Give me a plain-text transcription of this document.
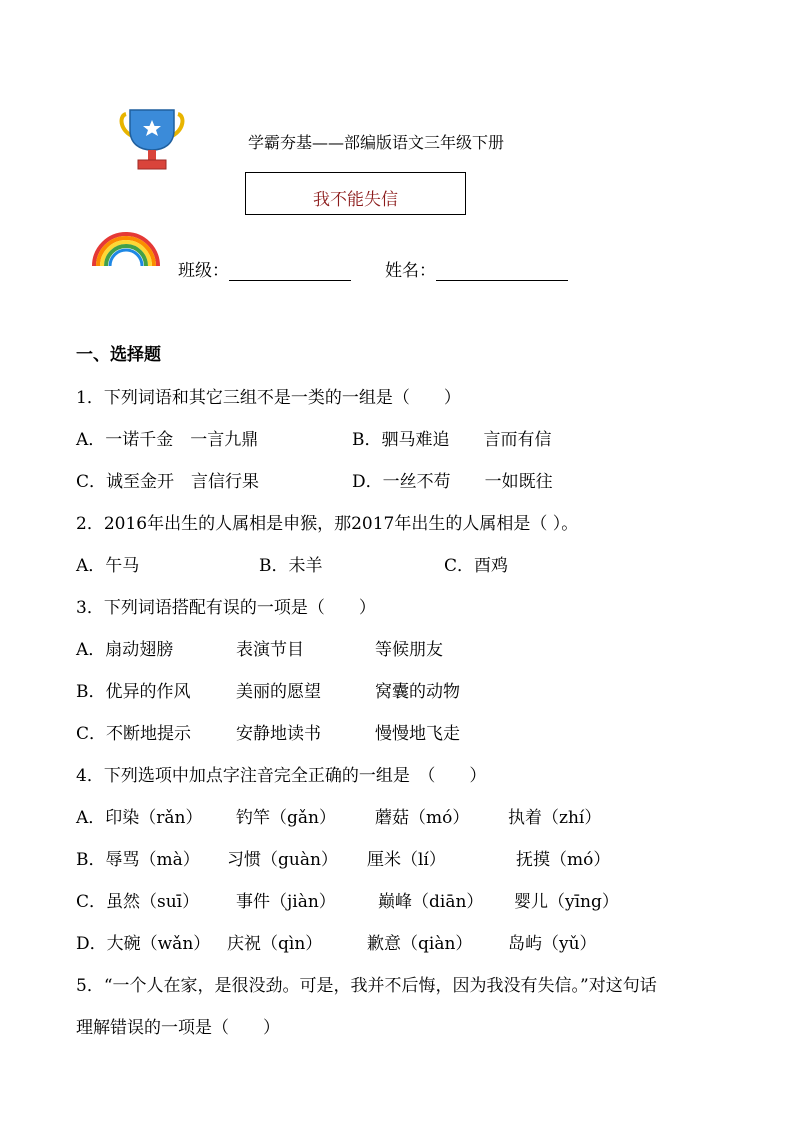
学霸夯基——部编版语文三年级下册
我不能失信
班级：	姓名：
一、选择题
1．下列词语和其它三组不是一类的一组是（　　）
A．一诺千金　一言九鼎	B．驷马难追　　言而有信
C．诚至金开　言信行果	D．一丝不苟　　一如既往
2．2016年出生的人属相是申猴，那2017年出生的人属相是（ ）。
A．午马	B．未羊	C．酉鸡
3．下列词语搭配有误的一项是（　　）
A．扇动翅膀	表演节目	等候朋友
B．优异的作风	美丽的愿望	窝囊的动物
C．不断地提示	安静地读书	慢慢地飞走
4．下列选项中加点字注音完全正确的一组是　（　　）
A．印染（rǎn） 钓竿（gǎn） 蘑菇（mó） 执着（zhí）
B．辱骂（mà） 习惯（guàn） 厘米（lí）	抚摸（mó）
C．虽然（suī） 事件（jiàn） 巅峰（diān） 婴儿（yīng）
D．大碗（wǎn） 庆祝（qìn）	歉意（qiàn） 岛屿（yǔ）
5．“一个人在家，是很没劲。可是，我并不后悔，因为我没有失信。”对这句话
理解错误的一项是（　　）
